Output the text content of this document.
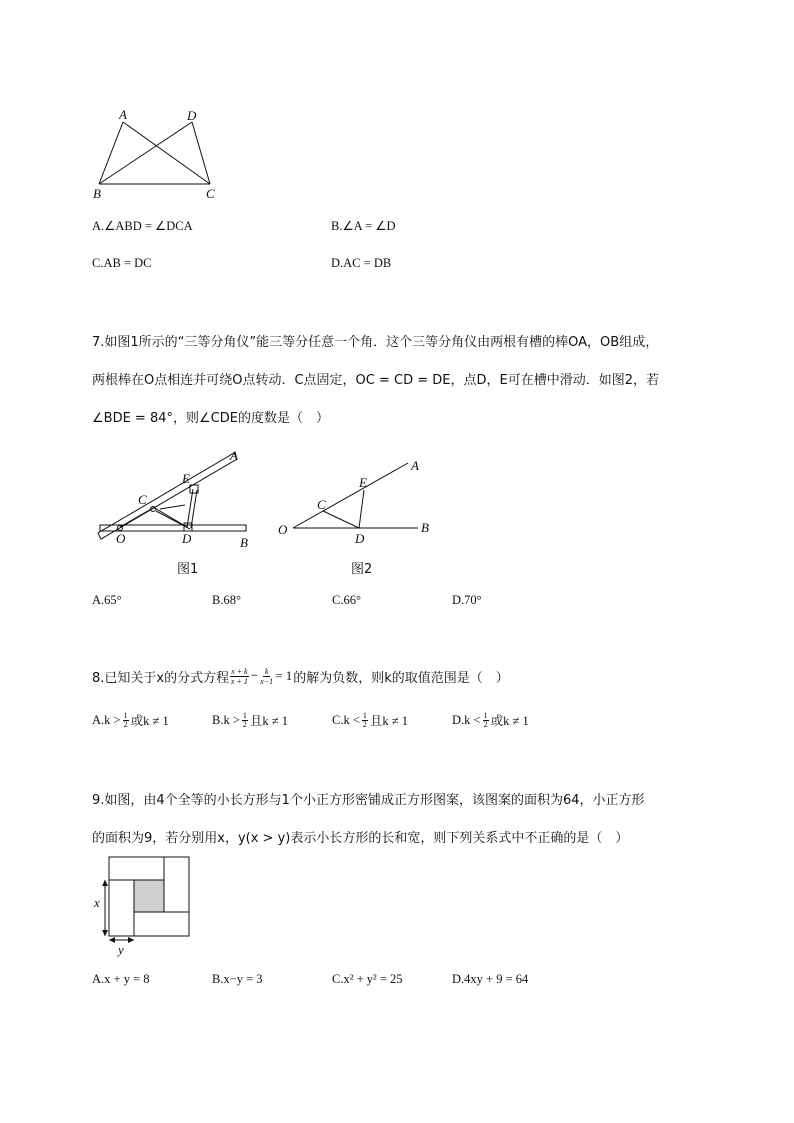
A	D
B	C
A.∠ABD = ∠DCA	B.∠A = ∠D
C.AB = DC	D.AC = DB
7.如图1所示的“三等分角仪”能三等分任意一个角．这个三等分角仪由两根有槽的棒OA，OB组成，
两根棒在O点相连并可绕O点转动．C点固定，OC = CD = DE，点D，E可在槽中滑动．如图2，若
∠BDE = 84°，则∠CDE的度数是（　）
A
E
C
O	D	B
图1
A
E
C
O
D
B
图2
A.65°	B.68°	C.66°	D.70°
8.已知关于x的分式方程 $\frac{x + k}{x + 1} - \frac{k}{x-1} = 1$ 的解为负数，则k的取值范围是（　）
$A.k > \frac{1}{2}$ 或k ≠ 1	$B.k > \frac{1}{2}$ 且k ≠ 1	$C.k < \frac{1}{2}$ 且k ≠ 1	$D.k < \frac{1}{2}$ 或k ≠ 1
9.如图，由4个全等的小长方形与1个小正方形密铺成正方形图案，该图案的面积为64，小正方形
的面积为9，若分别用x，y(x > y)表示小长方形的长和宽，则下列关系式中不正确的是（　）
x
y
A.x + y = 8	B.x−y = 3	C.x² + y² = 25	D.4xy + 9 = 64
